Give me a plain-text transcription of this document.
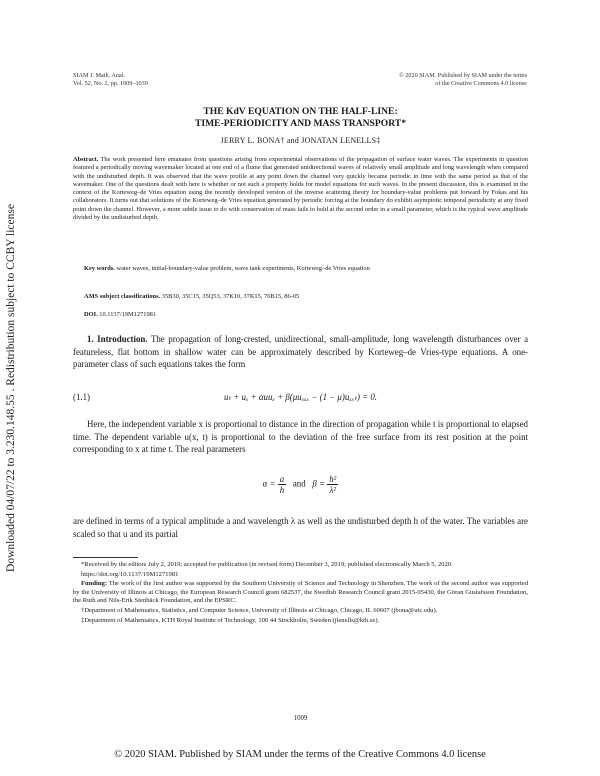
Downloaded 04/07/22 to 3.230.148.55 . Redistribution subject to CCBY license
SIAM J. Math. Anal.
Vol. 52, No. 2, pp. 1009–1039
© 2020 SIAM. Published by SIAM under the terms
of the Creative Commons 4.0 license
THE KdV EQUATION ON THE HALF-LINE:
TIME-PERIODICITY AND MASS TRANSPORT*
JERRY L. BONA† and JONATAN LENELLS‡
Abstract. The work presented here emanates from questions arising from experimental observations of the propagation of surface water waves. The experiments in question featured a periodically moving wavemaker located at one end of a flume that generated unidirectional waves of relatively small amplitude and long wavelength when compared with the undisturbed depth. It was observed that the wave profile at any point down the channel very quickly became periodic in time with the same period as that of the wavemaker. One of the questions dealt with here is whether or not such a property holds for model equations for such waves. In the present discussion, this is examined in the context of the Korteweg–de Vries equation using the recently developed version of the inverse scattering theory for boundary-value problems put forward by Fokas and his collaborators. It turns out that solutions of the Korteweg–de Vries equation generated by periodic forcing at the boundary do exhibit asymptotic temporal periodicity at any fixed point down the channel. However, a more subtle issue to do with conservation of mass fails to hold at the second order in a small parameter, which is the typical wave amplitude divided by the undisturbed depth.
Key words. water waves, initial-boundary-value problem, wave tank experiments, Korteweg–de Vries equation
AMS subject classifications. 35B30, 35C15, 35Q53, 37K10, 37K15, 76B15, 86-05
DOI. 10.1137/19M1271981
1. Introduction. The propagation of long-crested, unidirectional, small-amplitude, long wavelength disturbances over a featureless, flat bottom in shallow water can be approximately described by Korteweg–de Vries-type equations. A one-parameter class of such equations takes the form
(1.1)	uₜ + uₓ + αuuₓ + β(μuₓₓₓ − (1 − μ)uₓₓₜ) = 0.
Here, the independent variable x is proportional to distance in the direction of propagation while t is proportional to elapsed time. The dependent variable u(x, t) is proportional to the deviation of the free surface from its rest position at the point corresponding to x at time t. The real parameters
$\alpha = \frac{a}{h}$ and $\beta = \frac{\text{h²}}{\text{λ²}}$
are defined in terms of a typical amplitude a and wavelength λ as well as the undisturbed depth h of the water. The variables are scaled so that u and its partial

*Received by the editors July 2, 2019; accepted for publication (in revised form) December 3, 2019; published electronically March 5, 2020.

https://doi.org/10.1137/19M1271981

Funding: The work of the first author was supported by the Southern University of Science and Technology in Shenzhen. The work of the second author was supported by the University of Illinois at Chicago, the European Research Council grant 682537, the Swedish Research Council grant 2015-05430, the Göran Gustafsson Foundation, the Ruth and Nils-Erik Stenbäck Foundation, and the EPSRC.

†Department of Mathematics, Statistics, and Computer Science, University of Illinois at Chicago, Chicago, IL 60607 (jbona@uic.edu).

‡Department of Mathematics, KTH Royal Institute of Technology, 100 44 Stockholm, Sweden (jlenells@kth.se).

1009
© 2020 SIAM. Published by SIAM under the terms of the Creative Commons 4.0 license
